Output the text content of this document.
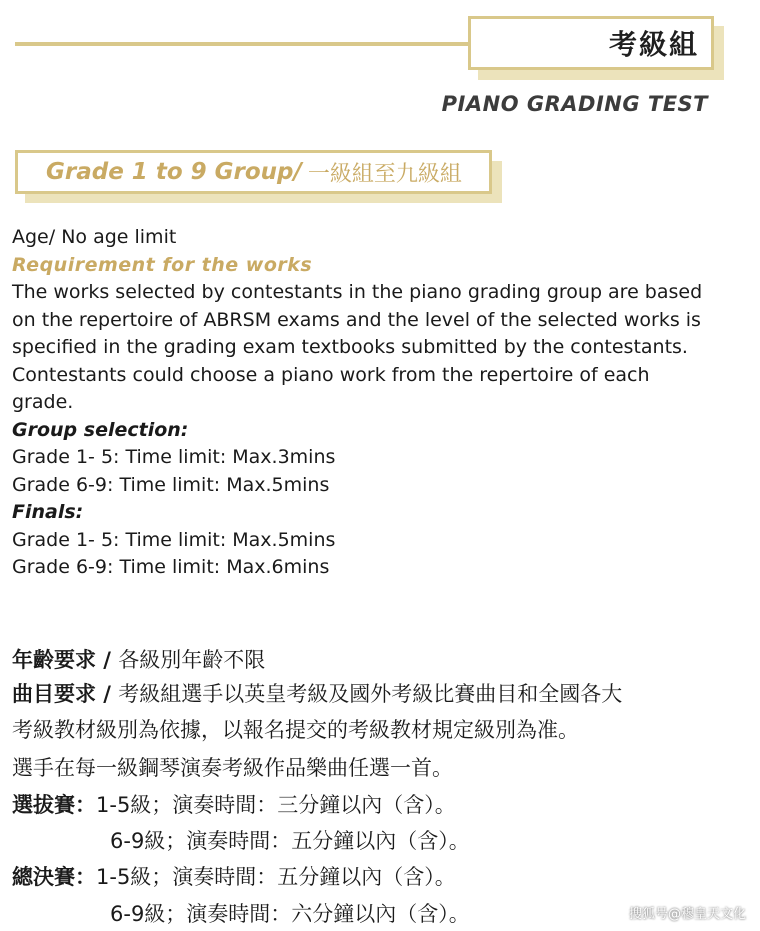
考級組
PIANO GRADING TEST
Grade 1 to 9 Group/ 一級組至九級組
Age/ No age limit
Requirement for the works
The works selected by contestants in the piano grading group are based
on the repertoire of ABRSM exams and the level of the selected works is
specified in the grading exam textbooks submitted by the contestants.
Contestants could choose a piano work from the repertoire of each
grade.
Group selection:
Grade 1- 5: Time limit: Max.3mins
Grade 6-9: Time limit: Max.5mins
Finals:
Grade 1- 5: Time limit: Max.5mins
Grade 6-9: Time limit: Max.6mins
年齡要求 / 各級別年齡不限
曲目要求 / 考級組選手以英皇考級及國外考級比賽曲目和全國各大
考級教材級別為依據，以報名提交的考級教材規定級別為准。
選手在每一級鋼琴演奏考級作品樂曲任選一首。
選拔賽：1-5級；演奏時間：三分鐘以內（含）。
6-9級；演奏時間：五分鐘以內（含）。
總決賽：1-5級；演奏時間：五分鐘以內（含）。
6-9級；演奏時間：六分鐘以內（含）。	搜狐号@穆皇天文化
